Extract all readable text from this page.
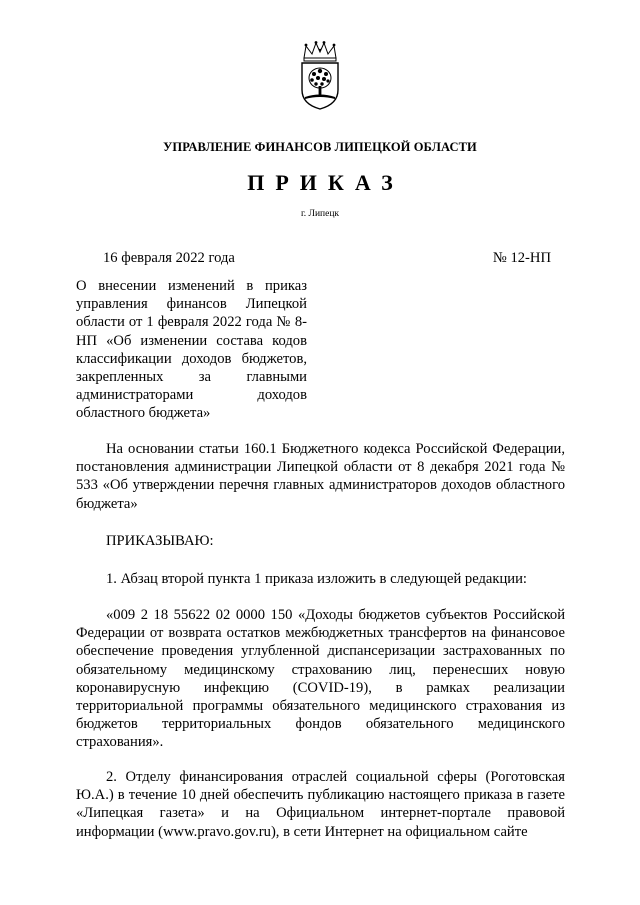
УПРАВЛЕНИЕ ФИНАНСОВ ЛИПЕЦКОЙ ОБЛАСТИ
ПРИКАЗ
г. Липецк
16 февраля 2022 года	№ 12-НП
О внесении изменений в приказ управления финансов Липецкой области от 1 февраля 2022 года № 8-НП «Об изменении состава кодов классификации доходов бюджетов, закрепленных за главными администраторами доходов областного бюджета»
На основании статьи 160.1 Бюджетного кодекса Российской Федерации, постановления администрации Липецкой области от 8 декабря 2021 года № 533 «Об утверждении перечня главных администраторов доходов областного бюджета»
ПРИКАЗЫВАЮ:
1. Абзац второй пункта 1 приказа изложить в следующей редакции:
«009 2 18 55622 02 0000 150 «Доходы бюджетов субъектов Российской Федерации от возврата остатков межбюджетных трансфертов на финансовое обеспечение проведения углубленной диспансеризации застрахованных по обязательному медицинскому страхованию лиц, перенесших новую коронавирусную инфекцию (COVID-19), в рамках реализации территориальной программы обязательного медицинского страхования из бюджетов территориальных фондов обязательного медицинского страхования».
2. Отделу финансирования отраслей социальной сферы (Роготовская Ю.А.) в течение 10 дней обеспечить публикацию настоящего приказа в газете «Липецкая газета» и на Официальном интернет-портале правовой информации (www.pravo.gov.ru), в сети Интернет на официальном сайте
